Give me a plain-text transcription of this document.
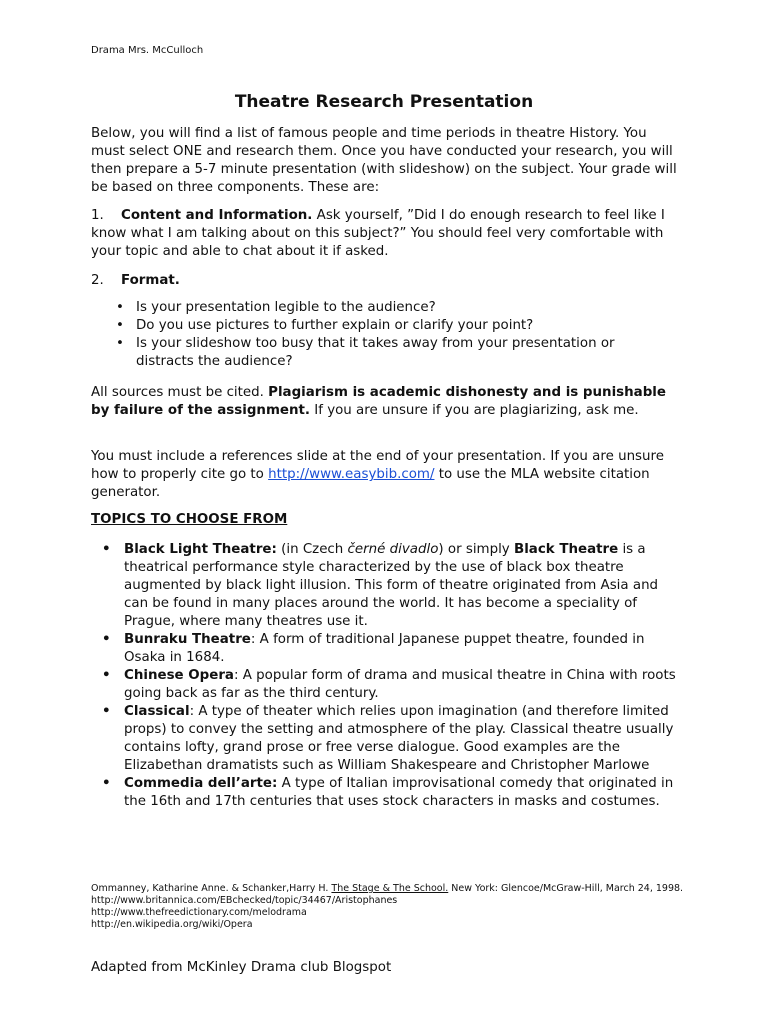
Drama Mrs. McCulloch
Theatre Research Presentation

Below, you will find a list of famous people and time periods in theatre History. You must select ONE and research them. Once you have conducted your research, you will then prepare a 5-7 minute presentation (with slideshow) on the subject. Your grade will be based on three components. These are:

1. Content and Information. Ask yourself, ”Did I do enough research to feel like I know what I am talking about on this subject?” You should feel very comfortable with your topic and able to chat about it if asked.

2. Format.

• Is your presentation legible to the audience?
• Do you use pictures to further explain or clarify your point?
• Is your slideshow too busy that it takes away from your presentation or distracts the audience?

All sources must be cited. Plagiarism is academic dishonesty and is punishable by failure of the assignment. If you are unsure if you are plagiarizing, ask me.

You must include a references slide at the end of your presentation. If you are unsure how to properly cite go to http://www.easybib.com/ to use the MLA website citation generator.

TOPICS TO CHOOSE FROM
• Black Light Theatre: (in Czech černé divadlo) or simply Black Theatre is a theatrical performance style characterized by the use of black box theatre augmented by black light illusion. This form of theatre originated from Asia and can be found in many places around the world. It has become a speciality of Prague, where many theatres use it.
• Bunraku Theatre: A form of traditional Japanese puppet theatre, founded in Osaka in 1684.
• Chinese Opera: A popular form of drama and musical theatre in China with roots going back as far as the third century.
• Classical: A type of theater which relies upon imagination (and therefore limited props) to convey the setting and atmosphere of the play. Classical theatre usually contains lofty, grand prose or free verse dialogue. Good examples are the Elizabethan dramatists such as William Shakespeare and Christopher Marlowe
• Commedia dell’arte: A type of Italian improvisational comedy that originated in the 16th and 17th centuries that uses stock characters in masks and costumes.
Ommanney, Katharine Anne. & Schanker,Harry H. The Stage & The School. New York: Glencoe/McGraw-Hill, March 24, 1998.
http://www.britannica.com/EBchecked/topic/34467/Aristophanes
http://www.thefreedictionary.com/melodrama
http://en.wikipedia.org/wiki/Opera
Adapted from McKinley Drama club Blogspot
